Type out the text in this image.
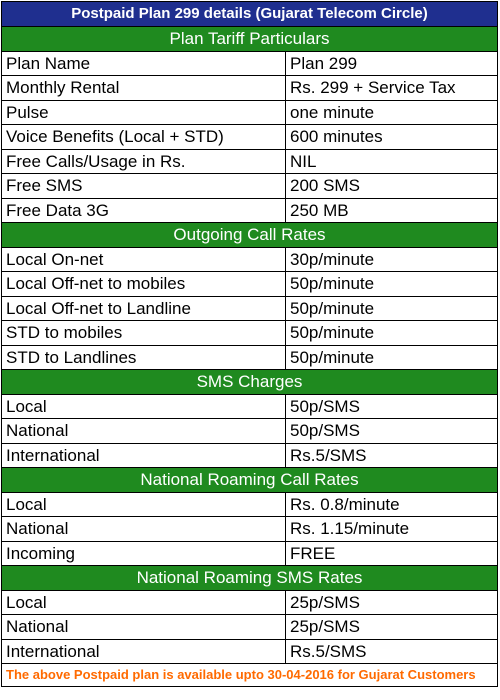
Postpaid Plan 299 details (Gujarat Telecom Circle)
Plan Tariff Particulars
Plan Name	Plan 299
Monthly Rental	Rs. 299 + Service Tax
Pulse	one minute
Voice Benefits (Local + STD)	600 minutes
Free Calls/Usage in Rs.	NIL
Free SMS	200 SMS
Free Data 3G	250 MB
Outgoing Call Rates
Local On-net	30p/minute
Local Off-net to mobiles	50p/minute
Local Off-net to Landline	50p/minute
STD to mobiles	50p/minute
STD to Landlines	50p/minute
SMS Charges
Local	50p/SMS
National	50p/SMS
International	Rs.5/SMS
National Roaming Call Rates
Local	Rs. 0.8/minute
National	Rs. 1.15/minute
Incoming	FREE
National Roaming SMS Rates
Local	25p/SMS
National	25p/SMS
International	Rs.5/SMS
The above Postpaid plan is available upto 30-04-2016 for Gujarat Customers
